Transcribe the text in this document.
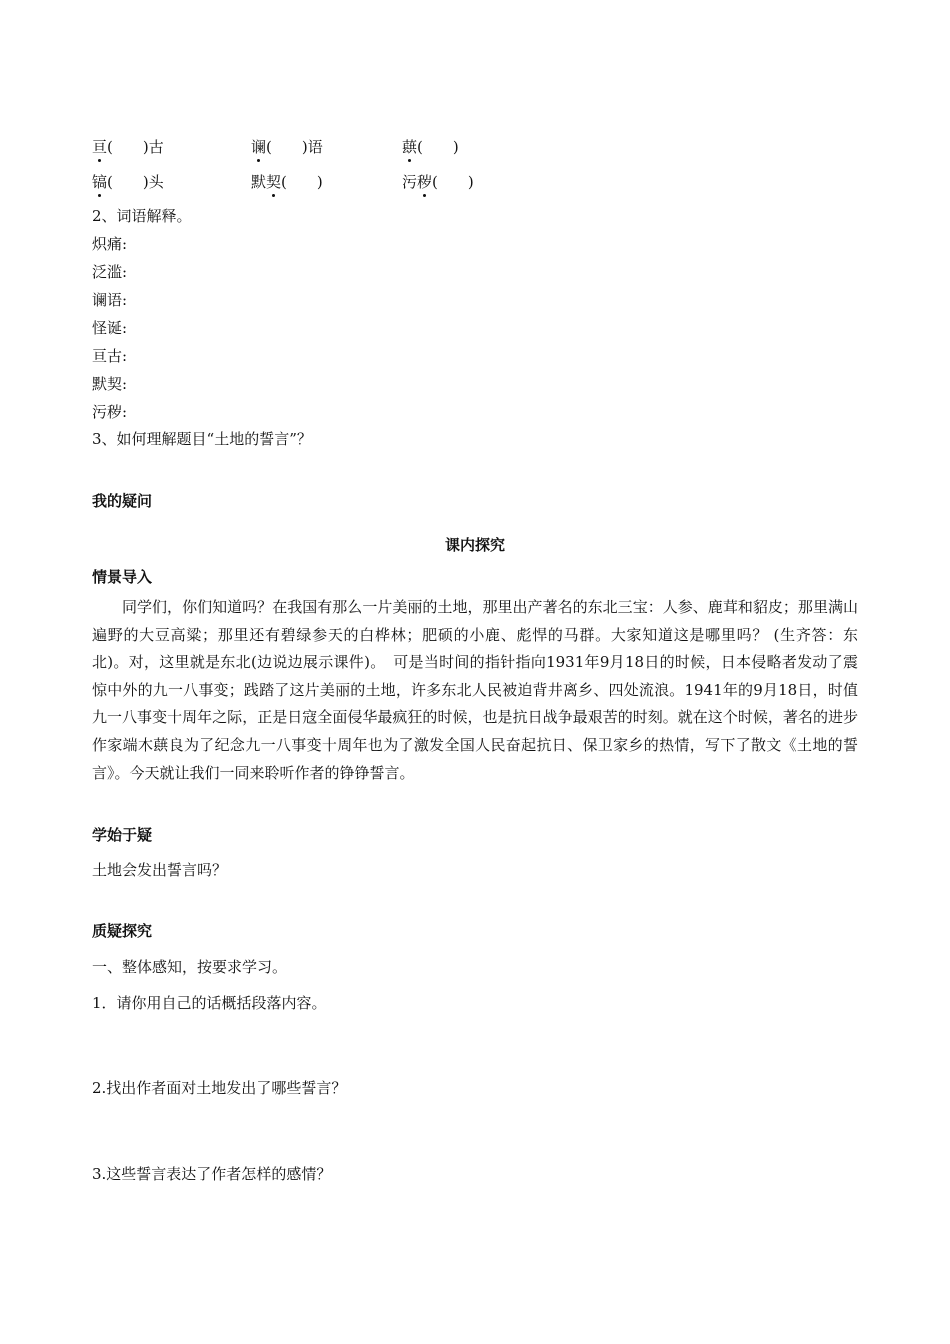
亘(　　)古	谰(　　)语	蕻(　　)
镐(　　)头	默契(　　)	污秽(　　)
2、词语解释。
炽痛:
泛滥:
谰语:
怪诞:
亘古:
默契:
污秽:
3、如何理解题目“土地的誓言”？
我的疑问
课内探究
情景导入
同学们，你们知道吗？在我国有那么一片美丽的土地，那里出产著名的东北三宝：人参、鹿茸和貂皮；那里满山遍野的大豆高粱；那里还有碧绿参天的白桦林；肥硕的小鹿、彪悍的马群。大家知道这是哪里吗？ (生齐答：东北)。对，这里就是东北(边说边展示课件)。　可是当时间的指针指向1931年9月18日的时候，日本侵略者发动了震惊中外的九一八事变；践踏了这片美丽的土地，许多东北人民被迫背井离乡、四处流浪。1941年的9月18日，时值九一八事变十周年之际，正是日寇全面侵华最疯狂的时候，也是抗日战争最艰苦的时刻。就在这个时候，著名的进步作家端木蕻良为了纪念九一八事变十周年也为了激发全国人民奋起抗日、保卫家乡的热情，写下了散文《土地的誓言》。今天就让我们一同来聆听作者的铮铮誓言。
学始于疑
土地会发出誓言吗？
质疑探究
一、整体感知，按要求学习。
1．请你用自己的话概括段落内容。
2.找出作者面对土地发出了哪些誓言？
3.这些誓言表达了作者怎样的感情？
